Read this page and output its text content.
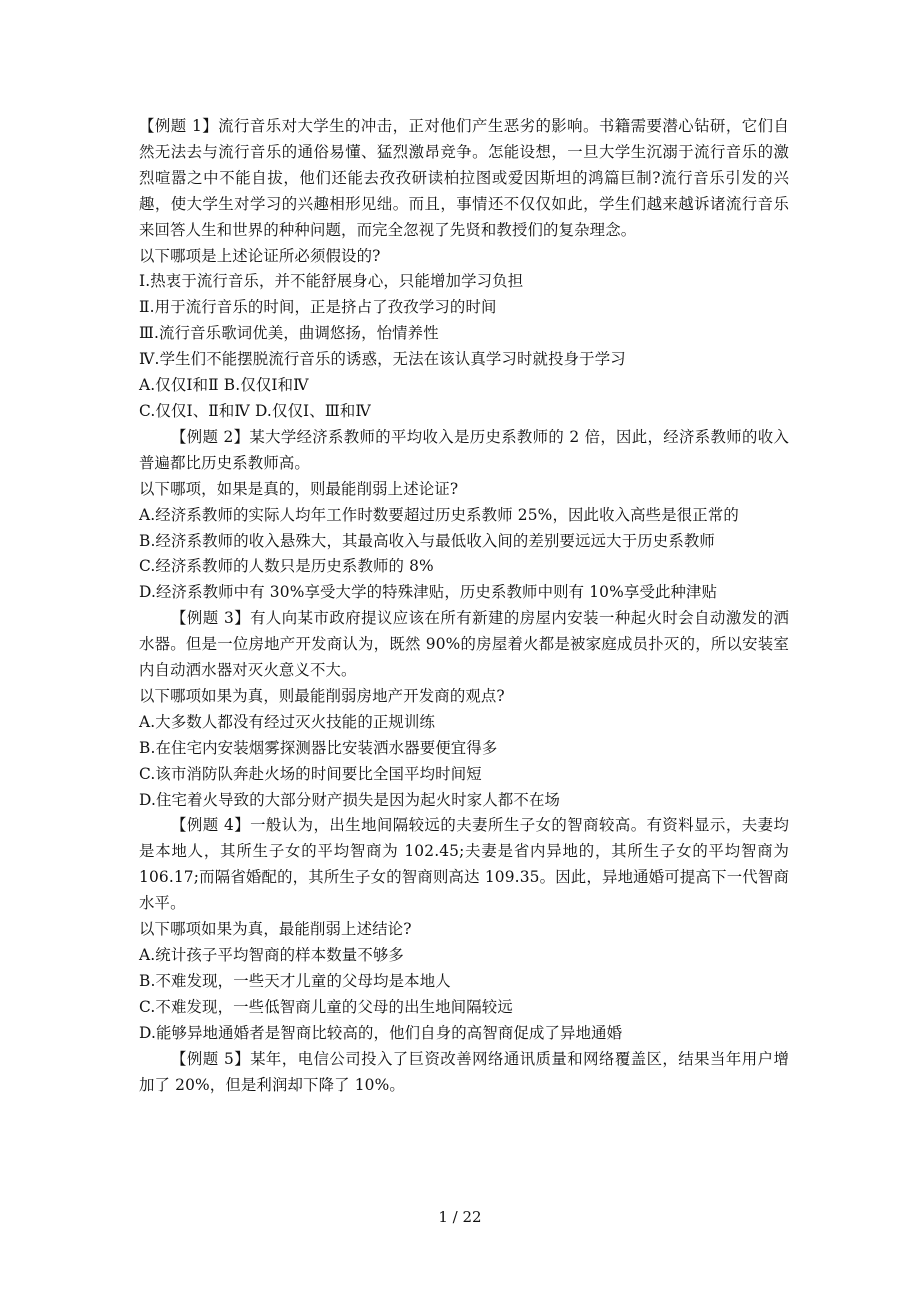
【例题 1】流行音乐对大学生的冲击，正对他们产生恶劣的影响。书籍需要潜心钻研，它们自然无法去与流行音乐的通俗易懂、猛烈激昂竞争。怎能设想，一旦大学生沉溺于流行音乐的激烈喧嚣之中不能自拔，他们还能去孜孜研读柏拉图或爱因斯坦的鸿篇巨制?流行音乐引发的兴趣，使大学生对学习的兴趣相形见绌。而且，事情还不仅仅如此，学生们越来越诉诸流行音乐来回答人生和世界的种种问题，而完全忽视了先贤和教授们的复杂理念。

以下哪项是上述论证所必须假设的?

Ⅰ.热衷于流行音乐，并不能舒展身心，只能增加学习负担

Ⅱ.用于流行音乐的时间，正是挤占了孜孜学习的时间

Ⅲ.流行音乐歌词优美，曲调悠扬，怡情养性

Ⅳ.学生们不能摆脱流行音乐的诱惑，无法在该认真学习时就投身于学习

A.仅仅Ⅰ和Ⅱ B.仅仅Ⅰ和Ⅳ

C.仅仅Ⅰ、Ⅱ和Ⅳ D.仅仅Ⅰ、Ⅲ和Ⅳ

【例题 2】某大学经济系教师的平均收入是历史系教师的 2 倍，因此，经济系教师的收入普遍都比历史系教师高。

以下哪项，如果是真的，则最能削弱上述论证?

A.经济系教师的实际人均年工作时数要超过历史系教师 25%，因此收入高些是很正常的

B.经济系教师的收入悬殊大，其最高收入与最低收入间的差别要远远大于历史系教师

C.经济系教师的人数只是历史系教师的 8%

D.经济系教师中有 30%享受大学的特殊津贴，历史系教师中则有 10%享受此种津贴

【例题 3】有人向某市政府提议应该在所有新建的房屋内安装一种起火时会自动激发的洒水器。但是一位房地产开发商认为，既然 90%的房屋着火都是被家庭成员扑灭的，所以安装室内自动洒水器对灭火意义不大。

以下哪项如果为真，则最能削弱房地产开发商的观点?

A.大多数人都没有经过灭火技能的正规训练

B.在住宅内安装烟雾探测器比安装洒水器要便宜得多

C.该市消防队奔赴火场的时间要比全国平均时间短

D.住宅着火导致的大部分财产损失是因为起火时家人都不在场

【例题 4】一般认为，出生地间隔较远的夫妻所生子女的智商较高。有资料显示，夫妻均是本地人，其所生子女的平均智商为 102.45;夫妻是省内异地的，其所生子女的平均智商为 106.17;而隔省婚配的，其所生子女的智商则高达 109.35。因此，异地通婚可提高下一代智商水平。

以下哪项如果为真，最能削弱上述结论?

A.统计孩子平均智商的样本数量不够多

B.不难发现，一些天才儿童的父母均是本地人

C.不难发现，一些低智商儿童的父母的出生地间隔较远

D.能够异地通婚者是智商比较高的，他们自身的高智商促成了异地通婚

【例题 5】某年，电信公司投入了巨资改善网络通讯质量和网络覆盖区，结果当年用户增加了 20%，但是利润却下降了 10%。

1 / 22
